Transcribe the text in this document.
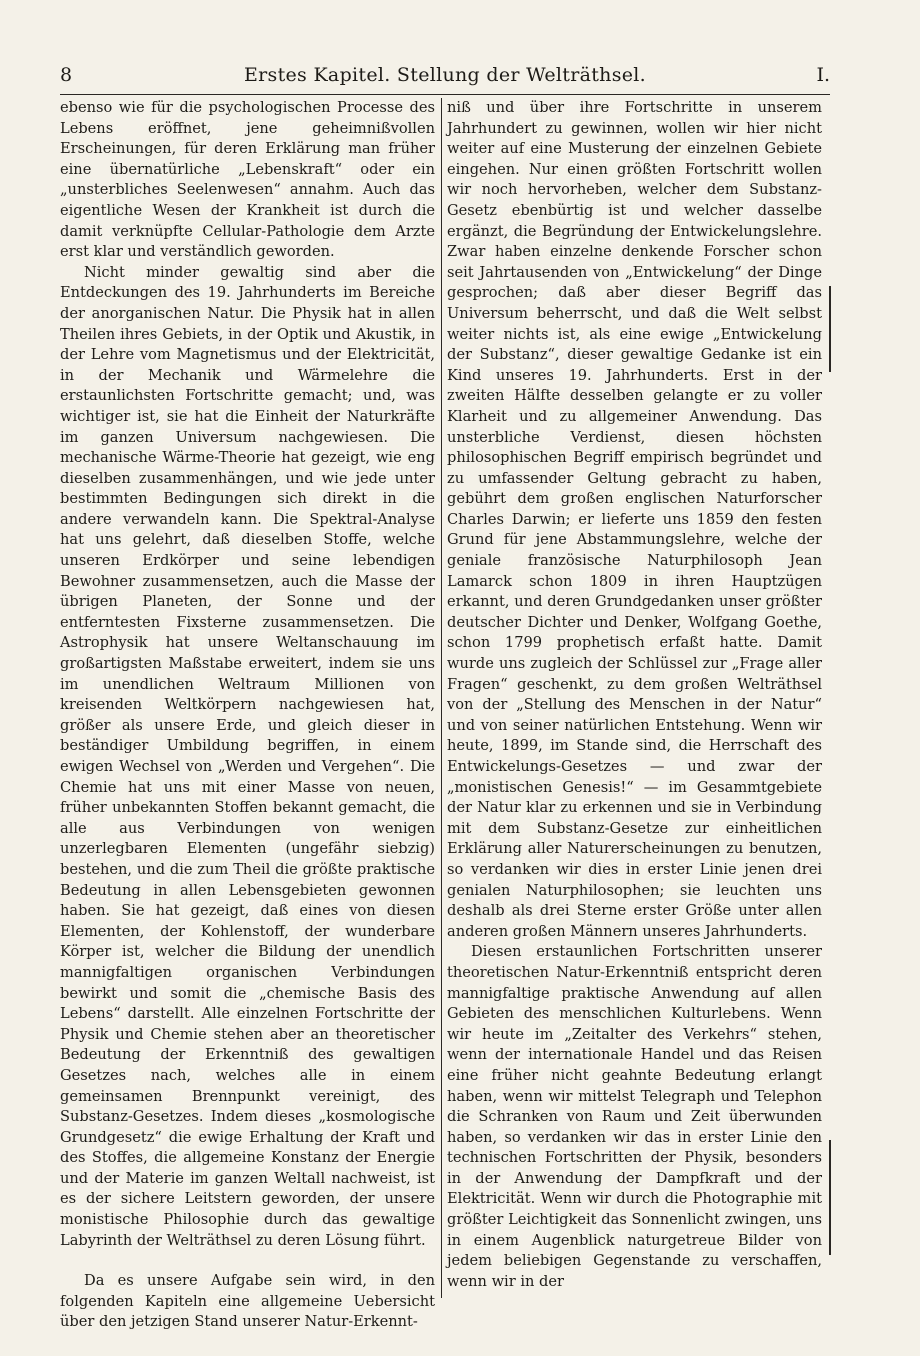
Erstes Kapitel. Stellung der Welträthsel.
8	I.

ebenso wie für die psychologischen Processe des Lebens eröffnet, jene geheimnißvollen Erscheinungen, für deren Erklärung man früher eine übernatürliche „Lebenskraft“ oder ein „unsterbliches Seelenwesen“ annahm. Auch das eigentliche Wesen der Krankheit ist durch die damit verknüpfte Cellular-Pathologie dem Arzte erst klar und verständlich geworden.

Nicht minder gewaltig sind aber die Entdeckungen des 19. Jahrhunderts im Bereiche der anorganischen Natur. Die Physik hat in allen Theilen ihres Gebiets, in der Optik und Akustik, in der Lehre vom Magnetismus und der Elektricität, in der Mechanik und Wärmelehre die erstaunlichsten Fortschritte gemacht; und, was wichtiger ist, sie hat die Einheit der Naturkräfte im ganzen Universum nachgewiesen. Die mechanische Wärme-Theorie hat gezeigt, wie eng dieselben zusammenhängen, und wie jede unter bestimmten Bedingungen sich direkt in die andere verwandeln kann. Die Spektral-Analyse hat uns gelehrt, daß dieselben Stoffe, welche unseren Erdkörper und seine lebendigen Bewohner zusammensetzen, auch die Masse der übrigen Planeten, der Sonne und der entferntesten Fixsterne zusammensetzen. Die Astrophysik hat unsere Weltanschauung im großartigsten Maßstabe erweitert, indem sie uns im unendlichen Weltraum Millionen von kreisenden Weltkörpern nachgewiesen hat, größer als unsere Erde, und gleich dieser in beständiger Umbildung begriffen, in einem ewigen Wechsel von „Werden und Vergehen“. Die Chemie hat uns mit einer Masse von neuen, früher unbekannten Stoffen bekannt gemacht, die alle aus Verbindungen von wenigen unzerlegbaren Elementen (ungefähr siebzig) bestehen, und die zum Theil die größte praktische Bedeutung in allen Lebensgebieten gewonnen haben. Sie hat gezeigt, daß eines von diesen Elementen, der Kohlenstoff, der wunderbare Körper ist, welcher die Bildung der unendlich mannigfaltigen organischen Verbindungen bewirkt und somit die „chemische Basis des Lebens“ darstellt. Alle einzelnen Fortschritte der Physik und Chemie stehen aber an theoretischer Bedeutung der Erkenntniß des gewaltigen Gesetzes nach, welches alle in einem gemeinsamen Brennpunkt vereinigt, des Substanz-Gesetzes. Indem dieses „kosmologische Grundgesetz“ die ewige Erhaltung der Kraft und des Stoffes, die allgemeine Konstanz der Energie und der Materie im ganzen Weltall nachweist, ist es der sichere Leitstern geworden, der unsere monistische Philosophie durch das gewaltige Labyrinth der Welträthsel zu deren Lösung führt.

Da es unsere Aufgabe sein wird, in den folgenden Kapiteln eine allgemeine Uebersicht über den jetzigen Stand unserer Natur-Erkennt-

niß und über ihre Fortschritte in unserem Jahrhundert zu gewinnen, wollen wir hier nicht weiter auf eine Musterung der einzelnen Gebiete eingehen. Nur einen größten Fortschritt wollen wir noch hervorheben, welcher dem Substanz-Gesetz ebenbürtig ist und welcher dasselbe ergänzt, die Begründung der Entwickelungslehre. Zwar haben einzelne denkende Forscher schon seit Jahrtausenden von „Entwickelung“ der Dinge gesprochen; daß aber dieser Begriff das Universum beherrscht, und daß die Welt selbst weiter nichts ist, als eine ewige „Entwickelung der Substanz“, dieser gewaltige Gedanke ist ein Kind unseres 19. Jahrhunderts. Erst in der zweiten Hälfte desselben gelangte er zu voller Klarheit und zu allgemeiner Anwendung. Das unsterbliche Verdienst, diesen höchsten philosophischen Begriff empirisch begründet und zu umfassender Geltung gebracht zu haben, gebührt dem großen englischen Naturforscher Charles Darwin; er lieferte uns 1859 den festen Grund für jene Abstammungslehre, welche der geniale französische Naturphilosoph Jean Lamarck schon 1809 in ihren Hauptzügen erkannt, und deren Grundgedanken unser größter deutscher Dichter und Denker, Wolfgang Goethe, schon 1799 prophetisch erfaßt hatte. Damit wurde uns zugleich der Schlüssel zur „Frage aller Fragen“ geschenkt, zu dem großen Welträthsel von der „Stellung des Menschen in der Natur“ und von seiner natürlichen Entstehung. Wenn wir heute, 1899, im Stande sind, die Herrschaft des Entwickelungs-Gesetzes — und zwar der „monistischen Genesis!“ — im Gesammtgebiete der Natur klar zu erkennen und sie in Verbindung mit dem Substanz-Gesetze zur einheitlichen Erklärung aller Naturerscheinungen zu benutzen, so verdanken wir dies in erster Linie jenen drei genialen Naturphilosophen; sie leuchten uns deshalb als drei Sterne erster Größe unter allen anderen großen Männern unseres Jahrhunderts.

Diesen erstaunlichen Fortschritten unserer theoretischen Natur-Erkenntniß entspricht deren mannigfaltige praktische Anwendung auf allen Gebieten des menschlichen Kulturlebens. Wenn wir heute im „Zeitalter des Verkehrs“ stehen, wenn der internationale Handel und das Reisen eine früher nicht geahnte Bedeutung erlangt haben, wenn wir mittelst Telegraph und Telephon die Schranken von Raum und Zeit überwunden haben, so verdanken wir das in erster Linie den technischen Fortschritten der Physik, besonders in der Anwendung der Dampfkraft und der Elektricität. Wenn wir durch die Photographie mit größter Leichtigkeit das Sonnenlicht zwingen, uns in einem Augenblick naturgetreue Bilder von jedem beliebigen Gegenstande zu verschaffen, wenn wir in der
